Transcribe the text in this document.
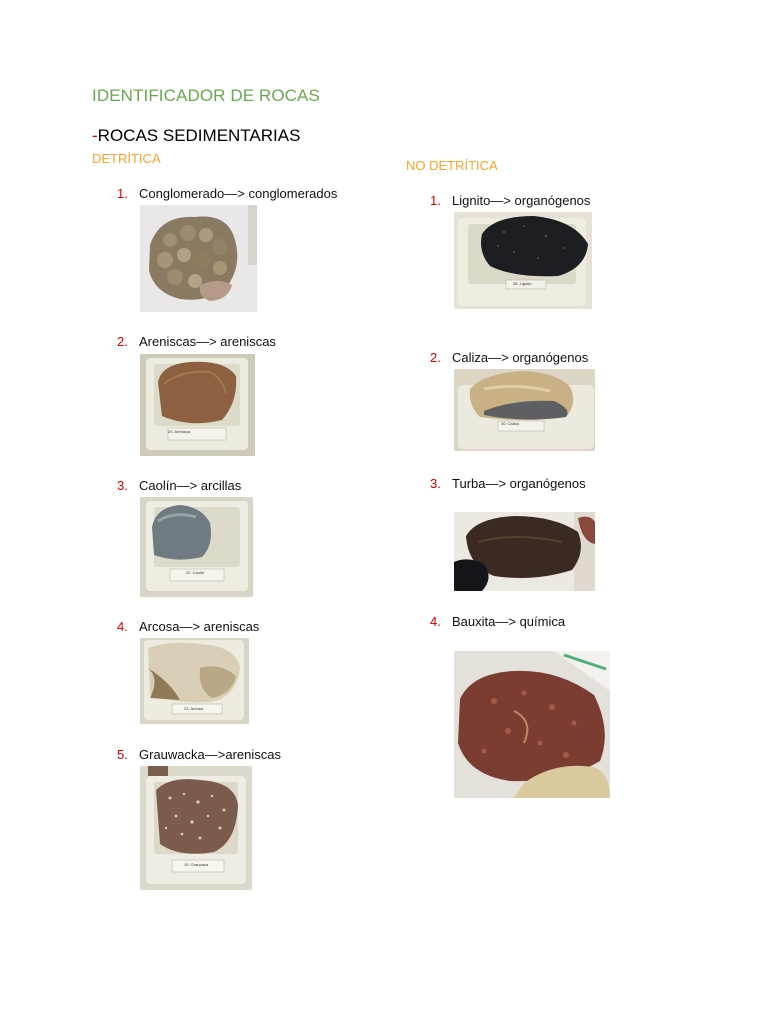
IDENTIFICADOR DE ROCAS
-ROCAS SEDIMENTARIAS
DETRÍTICA	NO DETRÍTICA
1. Conglomerado—> conglomerados
2. Areniscas—> areniscas
20. Arenisca
3. Caolín—> arcillas
22. Caolín
4. Arcosa—> areniscas
23. Arcosa
5. Grauwacka—>areniscas
19. Grauvaca
1. Lignito—> organógenos
35. Lignito
2. Caliza—> organógenos
30. Caliza
3. Turba—> organógenos
4. Bauxita—> química
